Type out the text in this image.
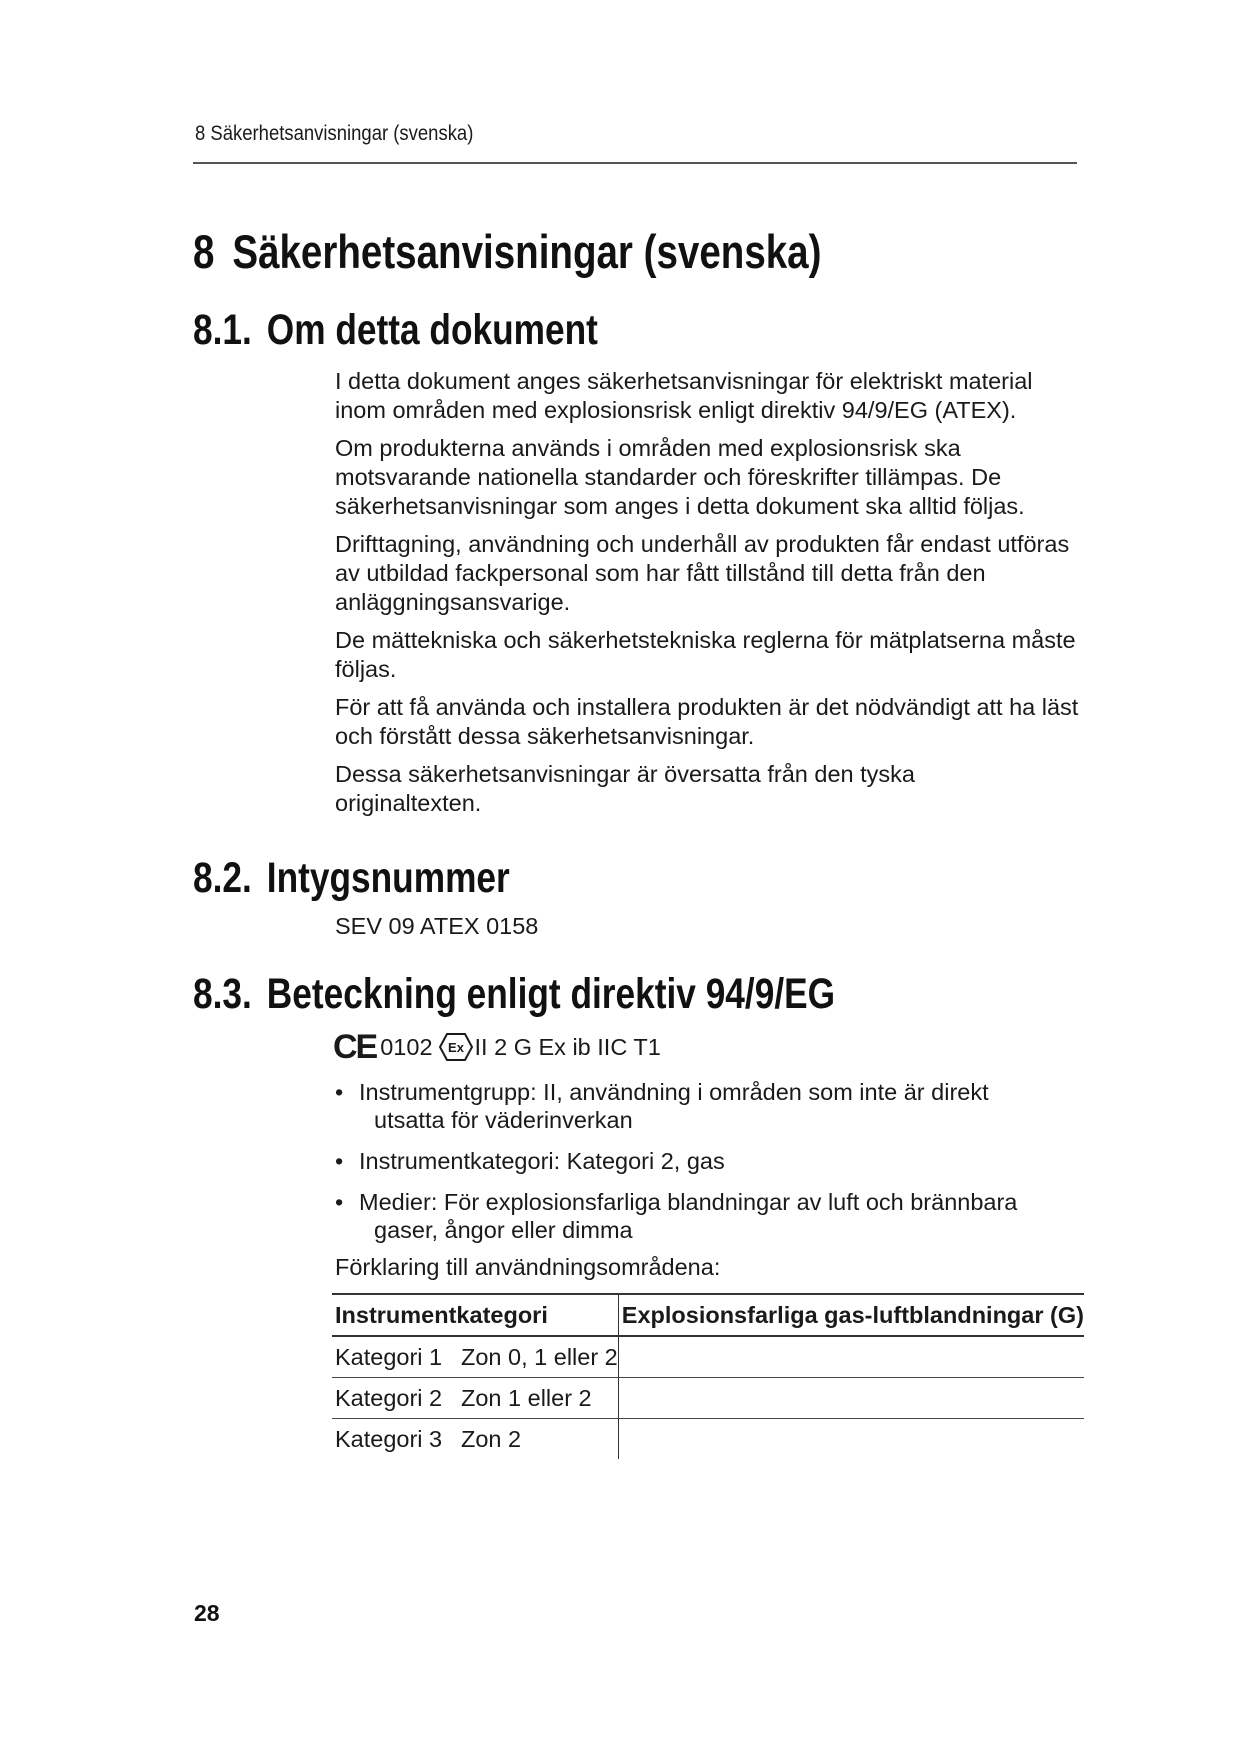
8 Säkerhetsanvisningar (svenska)
8 Säkerhetsanvisningar (svenska)
8.1. Om detta dokument

I detta dokument anges säkerhetsanvisningar för elektriskt material inom områden med explosionsrisk enligt direktiv 94/9/EG (ATEX).

Om produkterna används i områden med explosionsrisk ska motsvarande nationella standarder och föreskrifter tillämpas. De säkerhetsanvisningar som anges i detta dokument ska alltid följas.

Drifttagning, användning och underhåll av produkten får endast utföras av utbildad fackpersonal som har fått tillstånd till detta från den anläggningsansvarige.

De mättekniska och säkerhetstekniska reglerna för mätplatserna måste följas.

För att få använda och installera produkten är det nödvändigt att ha läst och förstått dessa säkerhetsanvisningar.

Dessa säkerhetsanvisningar är översatta från den tyska originaltexten.

8.2. Intygsnummer
SEV 09 ATEX 0158
8.3. Beteckning enligt direktiv 94/9/EG
CE 0102 Ex II 2 G Ex ib IIC T1
• Instrumentgrupp: II, användning i områden som inte är direkt
utsatta för väderinverkan
• Instrumentkategori: Kategori 2, gas
• Medier: För explosionsfarliga blandningar av luft och brännbara
gaser, ångor eller dimma
Förklaring till användningsområdena:
Instrumentkategori	Explosionsfarliga gas-luftblandningar (G)
Kategori 1 Zon 0, 1 eller 2	
Kategori 2 Zon 1 eller 2	
Kategori 3 Zon 2	
28
